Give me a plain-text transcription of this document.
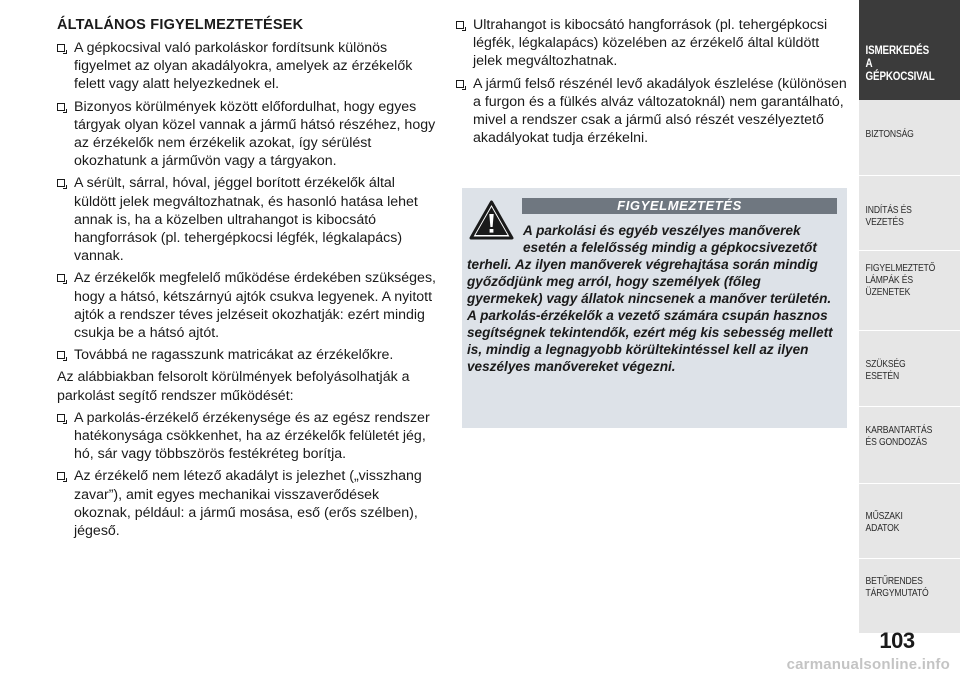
ÁLTALÁNOS FIGYELMEZTETÉSEK
A gépkocsival való parkoláskor fordítsunk különös figyelmet az olyan akadályokra, amelyek az érzékelők felett vagy alatt helyezkednek el.
Bizonyos körülmények között előfordulhat, hogy egyes tárgyak olyan közel vannak a jármű hátsó részéhez, hogy az érzékelők nem érzékelik azokat, így sérülést okozhatunk a járművön vagy a tárgyakon.
A sérült, sárral, hóval, jéggel borított érzékelők által küldött jelek megváltozhatnak, és hasonló hatása lehet annak is, ha a közelben ultrahangot is kibocsátó hangforrások (pl. tehergépkocsi légfék, légkalapács) vannak.
Az érzékelők megfelelő működése érdekében szükséges, hogy a hátsó, kétszárnyú ajtók csukva legyenek. A nyitott ajtók a rendszer téves jelzéseit okozhatják: ezért mindig csukja be a hátsó ajtót.
Továbbá ne ragasszunk matricákat az érzékelőkre.

Az alábbiakban felsorolt körülmények befolyásolhatják a parkolást segítő rendszer működését:

A parkolás-érzékelő érzékenysége és az egész rendszer hatékonysága csökkenhet, ha az érzékelők felületét jég, hó, sár vagy többszörös festékréteg borítja.
Az érzékelő nem létező akadályt is jelezhet („visszhang zavar”), amit egyes mechanikai visszaverődések okoznak, például: a jármű mosása, eső (erős szélben), jégeső.
Ultrahangot is kibocsátó hangforrások (pl. tehergépkocsi légfék, légkalapács) közelében az érzékelő által küldött jelek megváltozhatnak.
A jármű felső részénél levő akadályok észlelése (különösen a furgon és a fülkés alváz változatoknál) nem garantálható, mivel a rendszer csak a jármű alsó részét veszélyeztető akadályokat tudja érzékelni.
FIGYELMEZTETÉS
A parkolási és egyéb veszélyes manőverek esetén a felelősség mindig a gépkocsivezetőt terheli. Az ilyen manőverek végrehajtása során mindig győződjünk meg arról, hogy személyek (főleg gyermekek) vagy állatok nincsenek a manőver területén. A parkolás-érzékelők a vezető számára csupán hasznos segítségnek tekintendők, ezért még kis sebesség mellett is, mindig a legnagyobb körültekintéssel kell az ilyen veszélyes manővereket végezni.
ISMERKEDÉS A GÉPKOCSIVAL
BIZTONSÁG
INDÍTÁS ÉS VEZETÉS
FIGYELMEZTETŐ LÁMPÁK ÉS ÜZENETEK
SZÜKSÉG ESETÉN
KARBANTARTÁS ÉS GONDOZÁS
MŰSZAKI ADATOK
BETŰRENDES TÁRGYMUTATÓ
103
carmanualsonline.info
